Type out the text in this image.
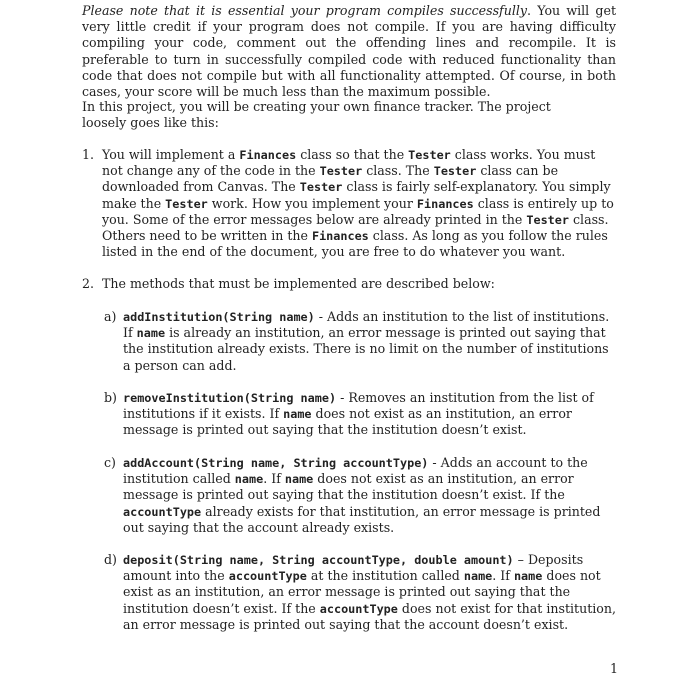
Please note that it is essential your program compiles successfully. You will get very little credit if your program does not compile. If you are having difficulty compiling your code, comment out the offending lines and recompile. It is preferable to turn in successfully compiled code with reduced functionality than code that does not compile but with all functionality attempted. Of course, in both cases, your score will be much less than the maximum possible.

In this project, you will be creating your own finance tracker. The project loosely goes like this:

1. You will implement a Finances class so that the Tester class works. You must not change any of the code in the Tester class. The Tester class can be downloaded from Canvas. The Tester class is fairly self-explanatory. You simply make the Tester work. How you implement your Finances class is entirely up to you. Some of the error messages below are already printed in the Tester class. Others need to be written in the Finances class. As long as you follow the rules listed in the end of the document, you are free to do whatever you want.

2. The methods that must be implemented are described below:

a) addInstitution(String name) - Adds an institution to the list of institutions. If name is already an institution, an error message is printed out saying that the institution already exists. There is no limit on the number of institutions a person can add.

b) removeInstitution(String name) - Removes an institution from the list of institutions if it exists. If name does not exist as an institution, an error message is printed out saying that the institution doesn’t exist.

c) addAccount(String name, String accountType) - Adds an account to the institution called name. If name does not exist as an institution, an error message is printed out saying that the institution doesn’t exist. If the accountType already exists for that institution, an error message is printed out saying that the account already exists.

d) deposit(String name, String accountType, double amount) – Deposits amount into the accountType at the institution called name. If name does not exist as an institution, an error message is printed out saying that the institution doesn’t exist. If the accountType does not exist for that institution, an error message is printed out saying that the account doesn’t exist.

1
